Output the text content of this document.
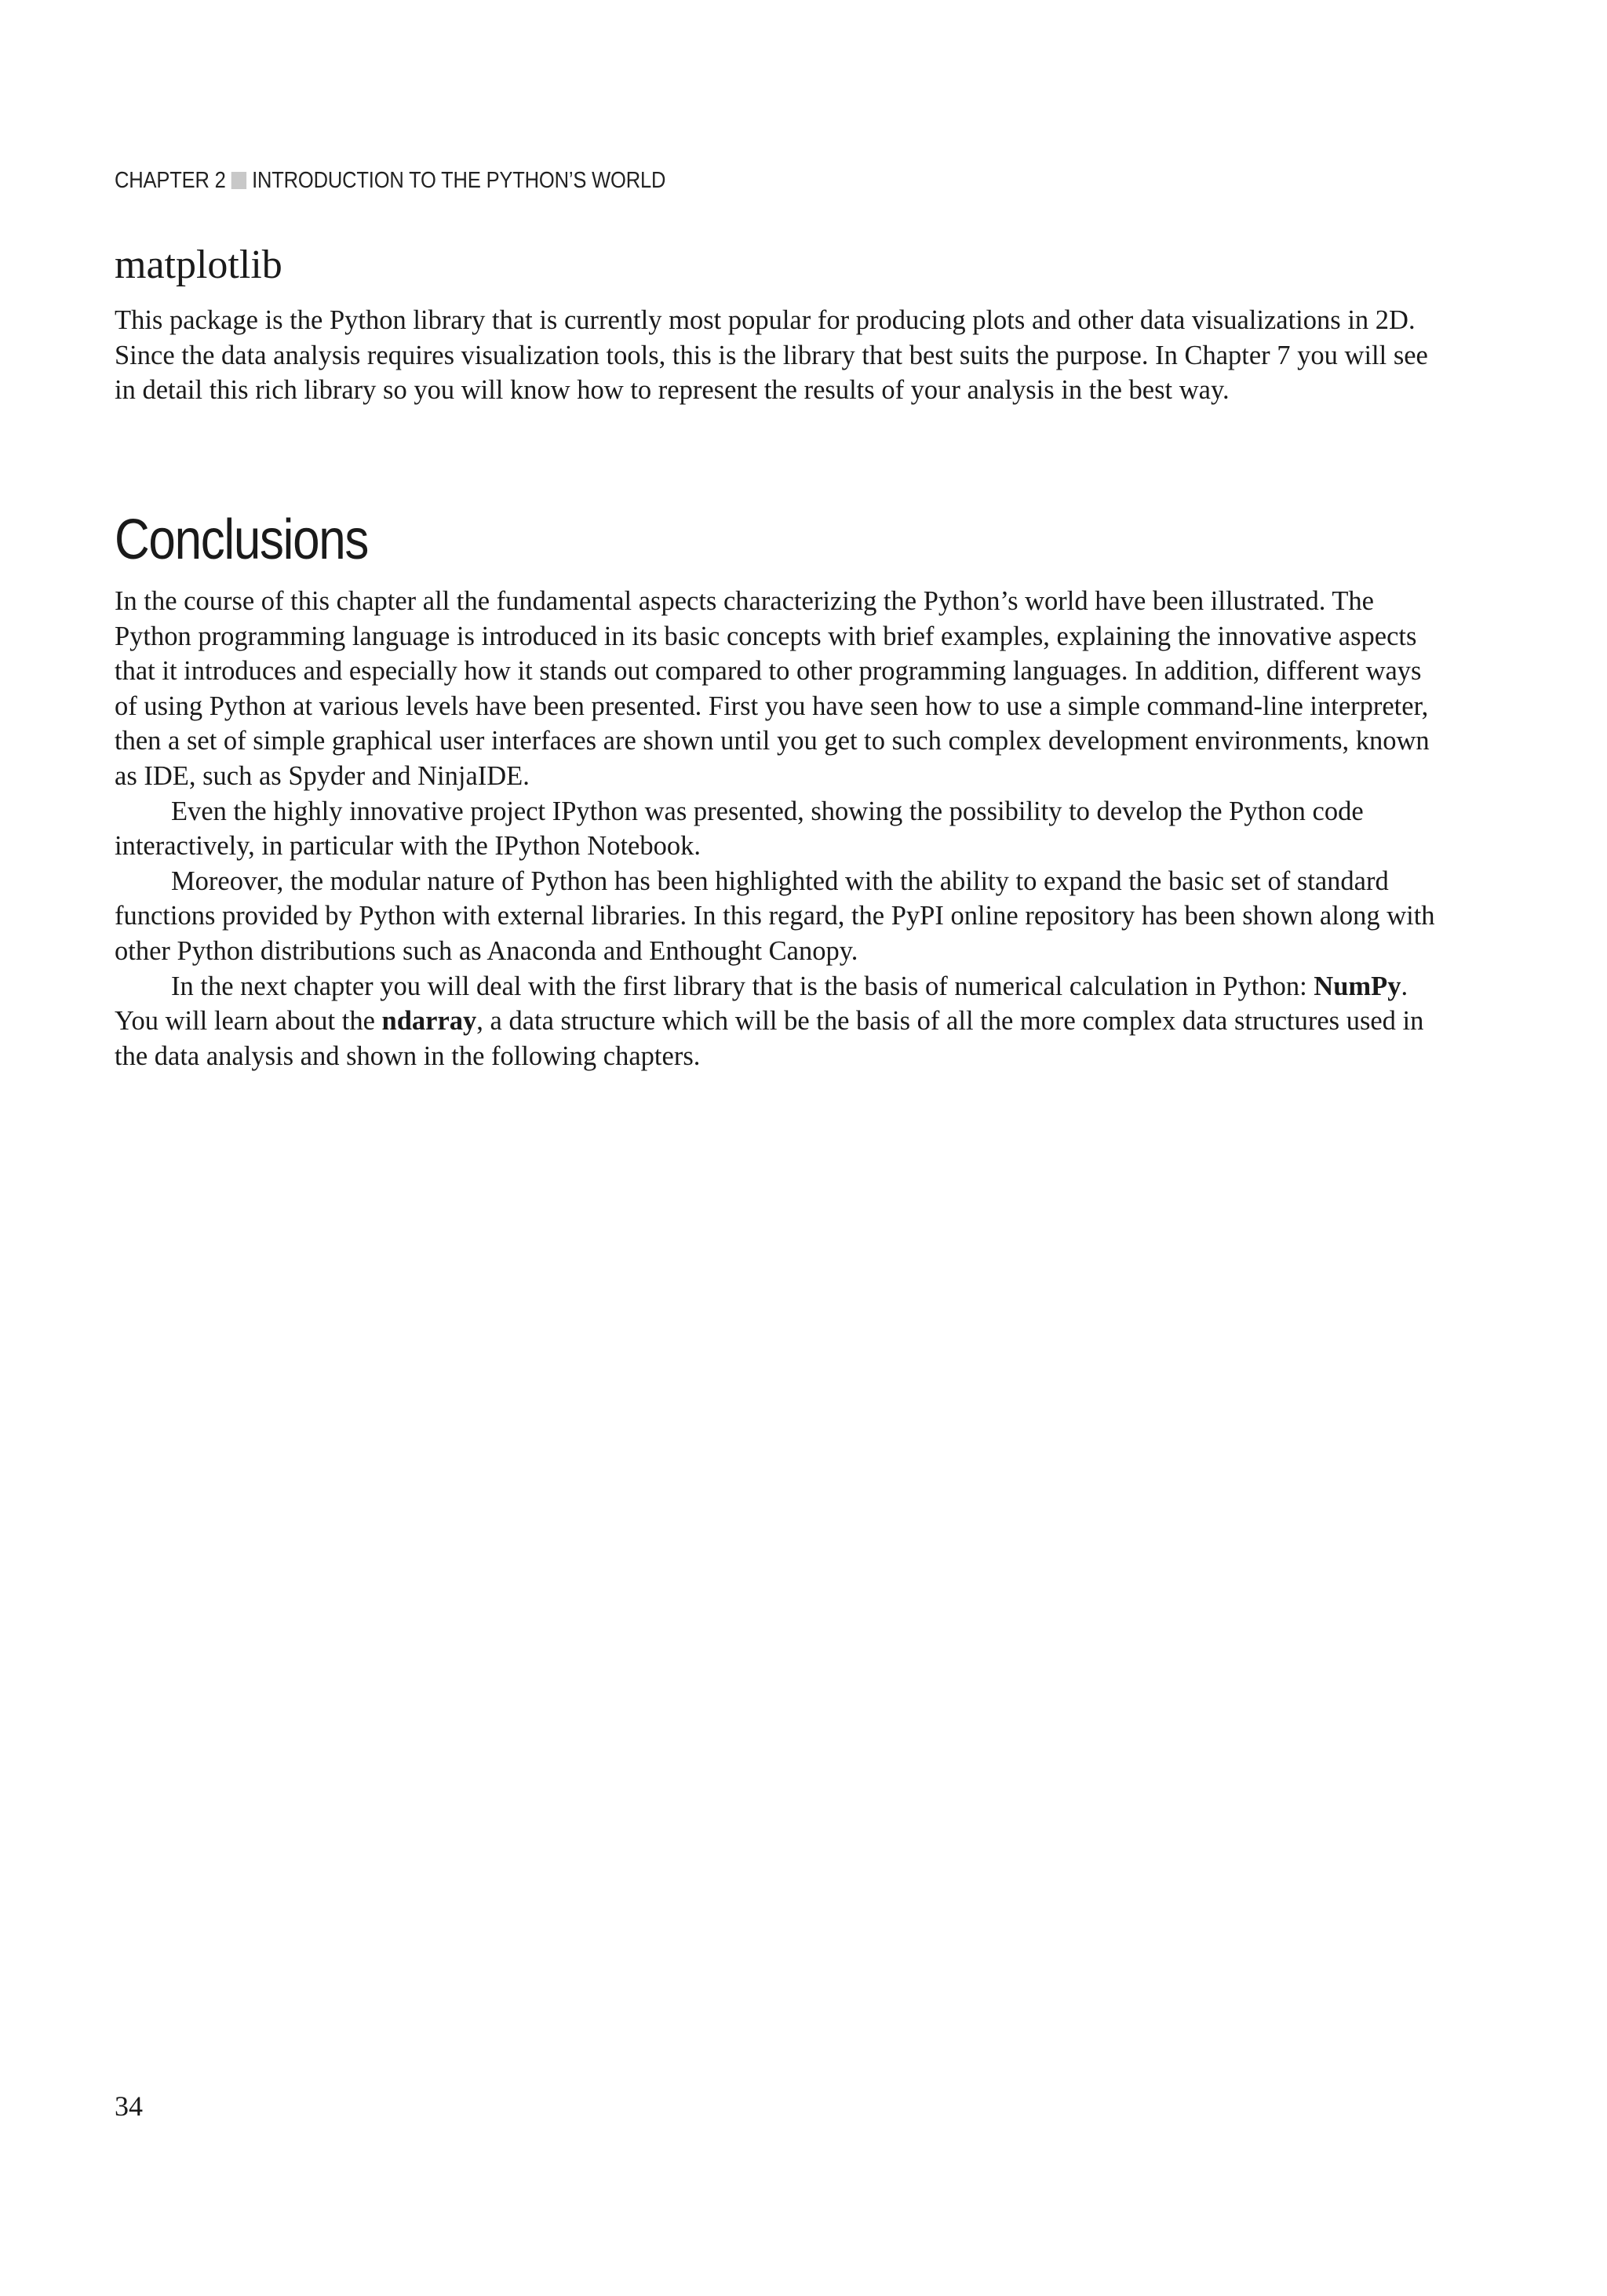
CHAPTER 2 INTRODUCTION TO THE PYTHON’S WORLD
matplotlib

This package is the Python library that is currently most popular for producing plots and other data visualizations in 2D. Since the data analysis requires visualization tools, this is the library that best suits the purpose. In Chapter 7 you will see in detail this rich library so you will know how to represent the results of your analysis in the best way.

Conclusions

In the course of this chapter all the fundamental aspects characterizing the Python’s world have been illustrated. The Python programming language is introduced in its basic concepts with brief examples, explaining the innovative aspects that it introduces and especially how it stands out compared to other programming languages. In addition, different ways of using Python at various levels have been presented. First you have seen how to use a simple command-line interpreter, then a set of simple graphical user interfaces are shown until you get to such complex development environments, known as IDE, such as Spyder and NinjaIDE.

Even the highly innovative project IPython was presented, showing the possibility to develop the Python code interactively, in particular with the IPython Notebook.

Moreover, the modular nature of Python has been highlighted with the ability to expand the basic set of standard functions provided by Python with external libraries. In this regard, the PyPI online repository has been shown along with other Python distributions such as Anaconda and Enthought Canopy.

In the next chapter you will deal with the first library that is the basis of numerical calculation in Python: NumPy. You will learn about the ndarray, a data structure which will be the basis of all the more complex data structures used in the data analysis and shown in the following chapters.

34
